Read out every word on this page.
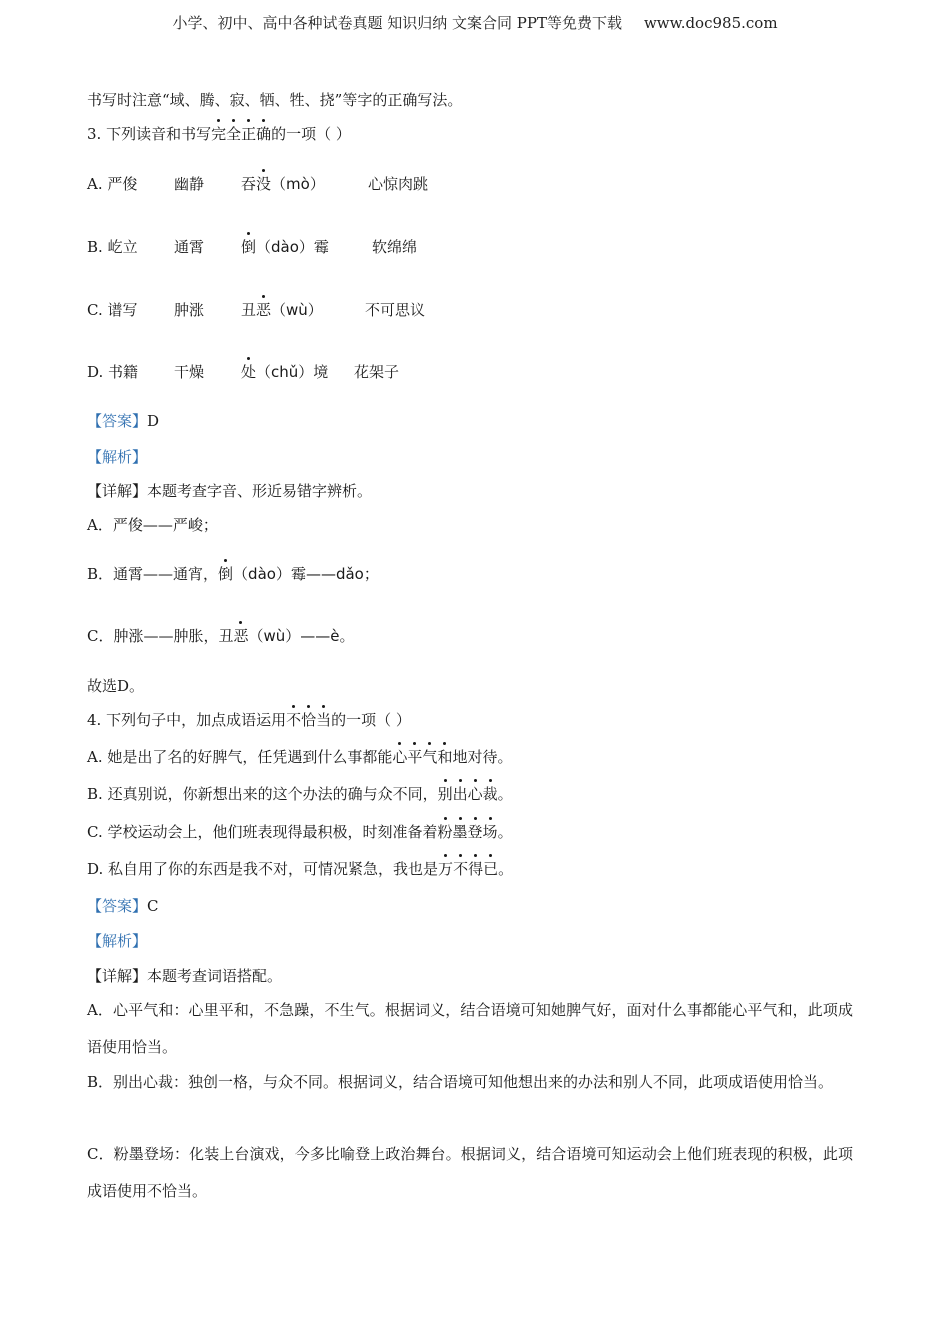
小学、初中、高中各种试卷真题 知识归纳 文案合同 PPT等免费下载 www.doc985.com
书写时注意“域、腾、寂、牺、牲、挠”等字的正确写法。
3. 下列读音和书写完全正确的一项（ ）
A. 严俊 幽静 吞没（mò）	心惊肉跳
B. 屹立 通霄 倒（dào）霉	软绵绵
C. 谱写 肿涨 丑恶（wù）	不可思议
D. 书籍 干燥 处（chǔ）境 花架子
【答案】D
【解析】
【详解】本题考查字音、形近易错字辨析。
A．严俊——严峻；
B．通霄——通宵，倒（dào）霉——dǎo；
C．肿涨——肿胀，丑恶（wù）——è。
故选D。
4. 下列句子中，加点成语运用不恰当的一项（ ）
A. 她是出了名的好脾气，任凭遇到什么事都能心平气和地对待。
B. 还真别说，你新想出来的这个办法的确与众不同，别出心裁。
C. 学校运动会上，他们班表现得最积极，时刻准备着粉墨登场。
D. 私自用了你的东西是我不对，可情况紧急，我也是万不得已。
【答案】C
【解析】
【详解】本题考查词语搭配。
A．心平气和：心里平和，不急躁，不生气。根据词义，结合语境可知她脾气好，面对什么事都能心平气和，此项成语使用恰当。
B．别出心裁：独创一格，与众不同。根据词义，结合语境可知他想出来的办法和别人不同，此项成语使用恰当。
C．粉墨登场：化装上台演戏，今多比喻登上政治舞台。根据词义，结合语境可知运动会上他们班表现的积极，此项成语使用不恰当。
